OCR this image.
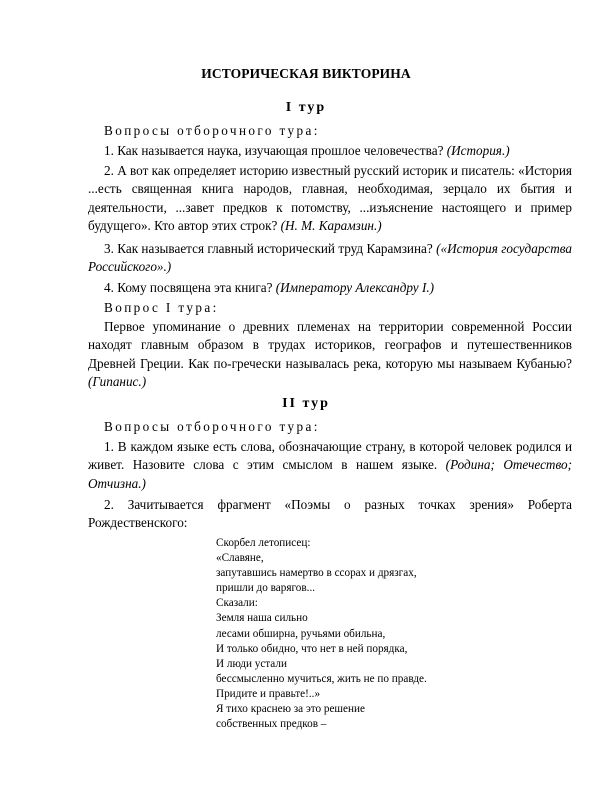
ИСТОРИЧЕСКАЯ ВИКТОРИНА
I тур
Вопросы отборочного тура:
1. Как называется наука, изучающая прошлое человечества? (История.)
2. А вот как определяет историю известный русский историк и писатель: «История ...есть священная книга народов, главная, необходимая, зерцало их бытия и деятельности, ...завет предков к потомству, ...изъяснение настоящего и пример будущего». Кто автор этих строк? (Н. М. Карамзин.)
3. Как называется главный исторический труд Карамзина? («История государства Российского».)
4. Кому посвящена эта книга? (Императору Александру I.)
Вопрос I тура:
Первое упоминание о древних племенах на территории современной России находят главным образом в трудах историков, географов и путешественников Древней Греции. Как по-гречески называлась река, которую мы называем Кубанью? (Гипанис.)
II тур
Вопросы отборочного тура:
1. В каждом языке есть слова, обозначающие страну, в которой человек родился и живет. Назовите слова с этим смыслом в нашем языке. (Родина; Отечество; Отчизна.)
2. Зачитывается фрагмент «Поэмы о разных точках зрения» Роберта Рождественского:
Скорбел летописец:
«Славяне,
запутавшись намертво в ссорах и дрязгах,
пришли до варягов...
Сказали:
Земля наша сильно
лесами обширна, ручьями обильна,
И только обидно, что нет в ней порядка,
И люди устали
бессмысленно мучиться, жить не по правде.
Придите и правьте!..»
Я тихо краснею за это решение
собственных предков –
